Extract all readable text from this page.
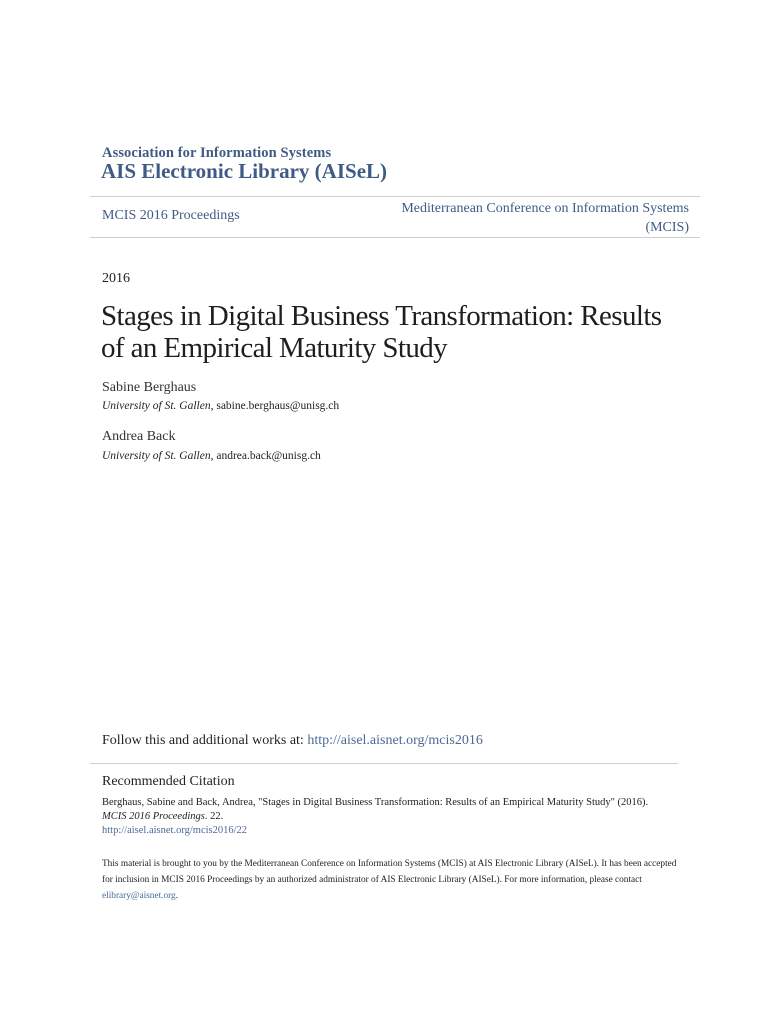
Association for Information Systems
AIS Electronic Library (AISeL)
MCIS 2016 Proceedings	Mediterranean Conference on Information Systems
(MCIS)
2016
Stages in Digital Business Transformation: Results
of an Empirical Maturity Study
Sabine Berghaus
University of St. Gallen, sabine.berghaus@unisg.ch
Andrea Back
University of St. Gallen, andrea.back@unisg.ch
Follow this and additional works at: http://aisel.aisnet.org/mcis2016
Recommended Citation
Berghaus, Sabine and Back, Andrea, "Stages in Digital Business Transformation: Results of an Empirical Maturity Study" (2016).
MCIS 2016 Proceedings. 22.
http://aisel.aisnet.org/mcis2016/22
This material is brought to you by the Mediterranean Conference on Information Systems (MCIS) at AIS Electronic Library (AISeL). It has been accepted for inclusion in MCIS 2016 Proceedings by an authorized administrator of AIS Electronic Library (AISeL). For more information, please contact elibrary@aisnet.org.
